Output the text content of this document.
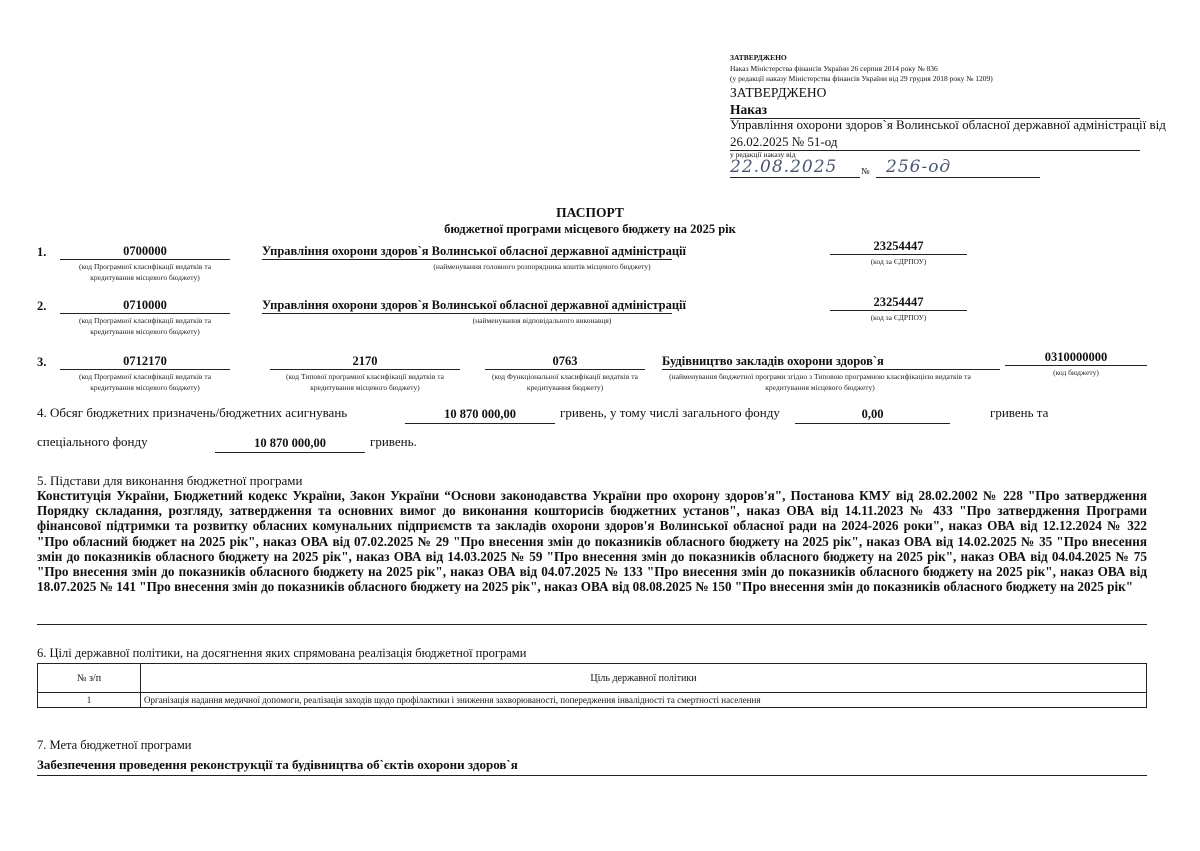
ЗАТВЕРДЖЕНО
Наказ Міністерства фінансів України 26 серпня 2014 року № 836
(у редакції наказу Міністерства фінансів України від 29 грудня 2018 року № 1209)
ЗАТВЕРДЖЕНО
Наказ
Управління охорони здоров`я Волинської обласної державної адміністрації від
26.02.2025 № 51-од
у редакції наказу від
22.08.2025	№ 256-од
ПАСПОРТ
бюджетної програми місцевого бюджету на 2025 рік
1.	0700000
(код Програмної класифікації видатків та кредитування місцевого бюджету)
Управління охорони здоров`я Волинської обласної державної адміністрації
(найменування головного розпорядника коштів місцевого бюджету)
23254447
(код за ЄДРПОУ)
2.	0710000
(код Програмної класифікації видатків та кредитування місцевого бюджету)
Управління охорони здоров`я Волинської обласної державної адміністрації
(найменування відповідального виконавця)
23254447
(код за ЄДРПОУ)
3.	0712170
(код Програмної класифікації видатків та кредитування місцевого бюджету)
2170
(код Типової програмної класифікації видатків та кредитування місцевого бюджету)
0763
(код Функціональної класифікації видатків та кредитування бюджету)
Будівництво закладів охорони здоров`я
(найменування бюджетної програми згідно з Типовою програмною класифікацією видатків та кредитування місцевого бюджету)
0310000000
(код бюджету)
4. Обсяг бюджетних призначень/бюджетних асигнувань	10 870 000,00	гривень, у тому числі загального фонду	0,00	гривень та
спеціального фонду	10 870 000,00	гривень.
5. Підстави для виконання бюджетної програми
Конституція України, Бюджетний кодекс України, Закон України “Основи законодавства України про охорону здоров'я", Постанова КМУ від 28.02.2002 № 228 "Про затвердження
Порядку складання, розгляду, затвердження та основних вимог до виконання кошторисів бюджетних установ", наказ ОВА від 14.11.2023 № 433 "Про затвердження Програми
фінансової підтримки та розвитку обласних комунальних підприємств та закладів охорони здоров'я Волинської обласної ради на 2024-2026 роки", наказ ОВА від 12.12.2024 № 322
"Про обласний бюджет на 2025 рік", наказ ОВА від 07.02.2025 № 29 "Про внесення змін до показників обласного бюджету на 2025 рік", наказ ОВА від 14.02.2025 № 35 "Про внесення
змін до показників обласного бюджету на 2025 рік", наказ ОВА від 14.03.2025 № 59 "Про внесення змін до показників обласного бюджету на 2025 рік", наказ ОВА від 04.04.2025 № 75
"Про внесення змін до показників обласного бюджету на 2025 рік", наказ ОВА від 04.07.2025 № 133 "Про внесення змін до показників обласного бюджету на 2025 рік", наказ ОВА від
18.07.2025 № 141 "Про внесення змін до показників обласного бюджету на 2025 рік", наказ ОВА від 08.08.2025 № 150 "Про внесення змін до показників обласного бюджету на 2025 рік"
6. Цілі державної політики, на досягнення яких спрямована реалізація бюджетної програми
№ з/п	Ціль державної політики
1	Організація надання медичної допомоги, реалізація заходів щодо профілактики і зниження захворюваності, попередження інвалідності та смертності населення
7. Мета бюджетної програми
Забезпечення проведення реконструкції та будівництва об`єктів охорони здоров`я
